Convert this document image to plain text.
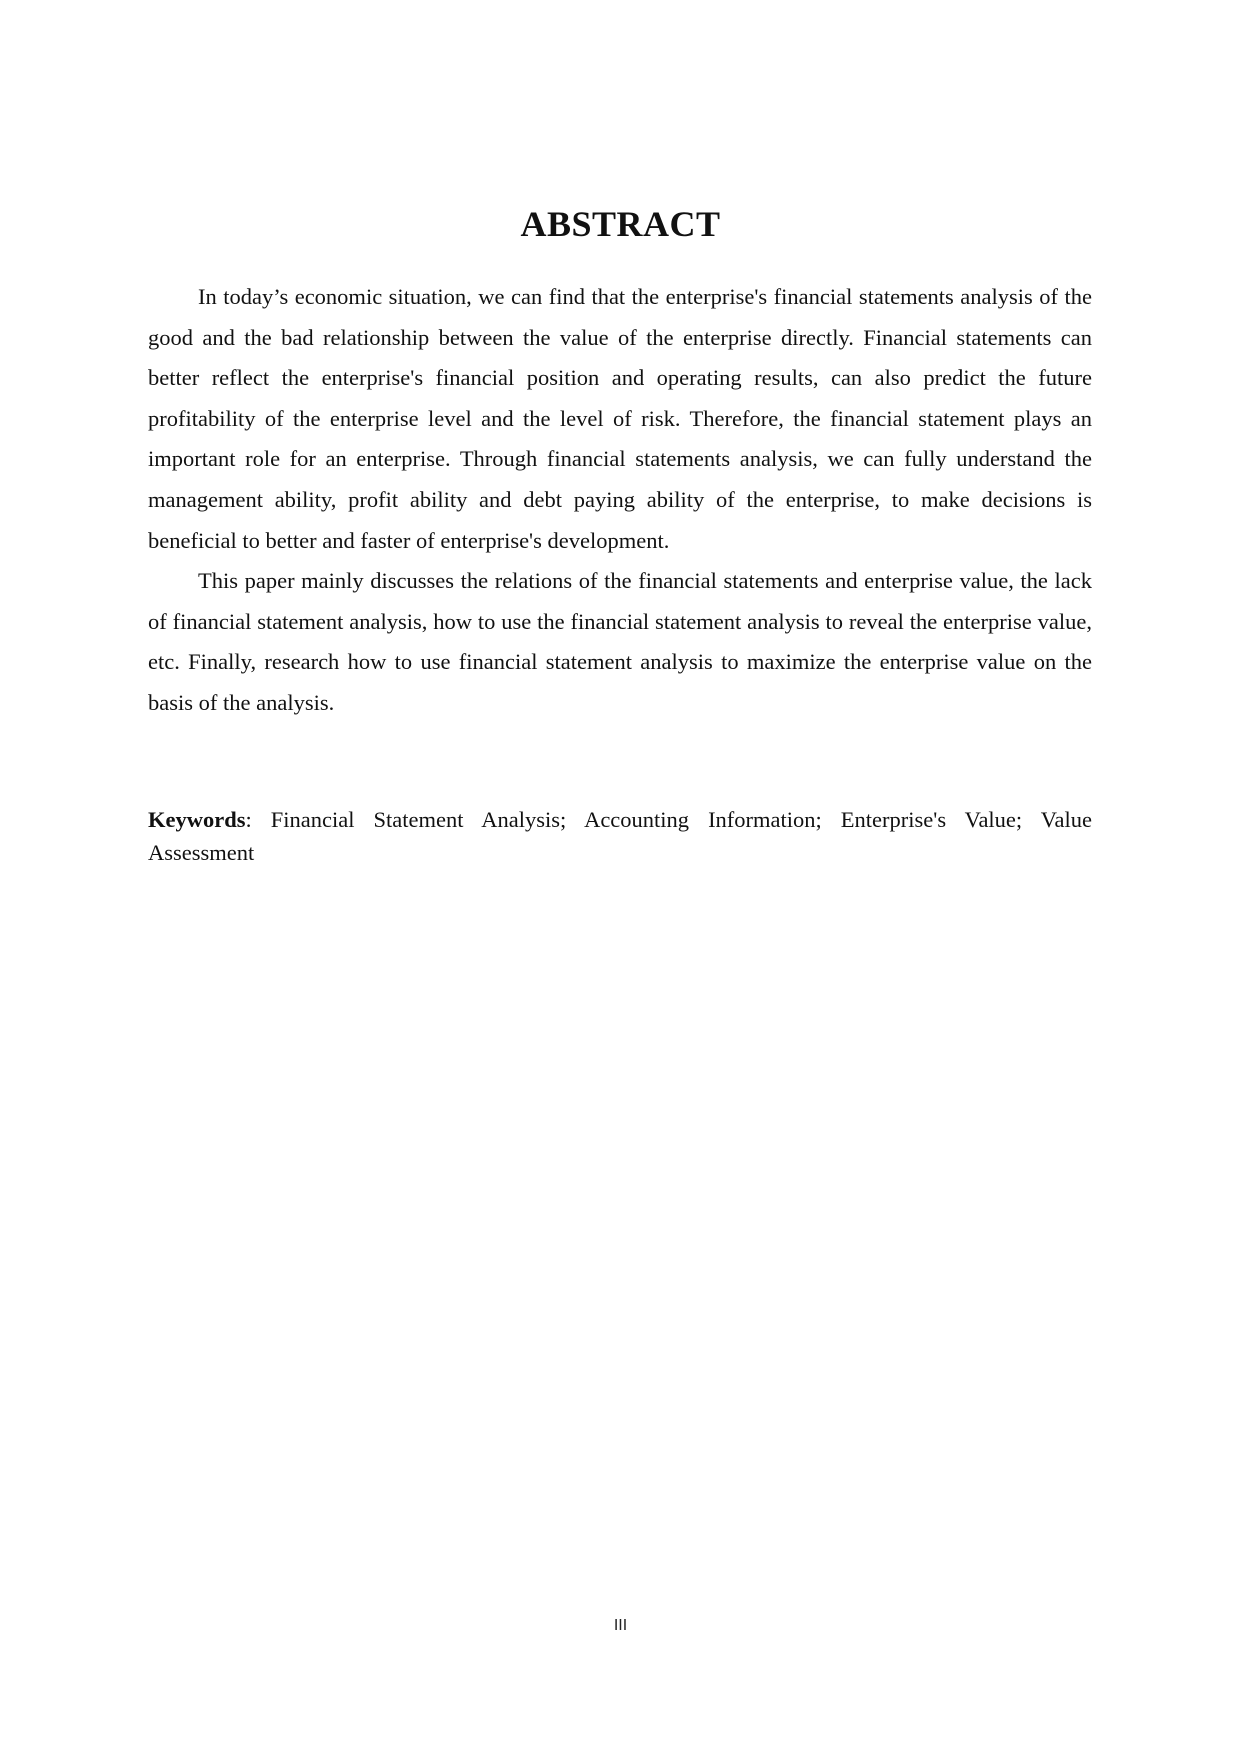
ABSTRACT

In today’s economic situation, we can find that the enterprise's financial statements analysis of the good and the bad relationship between the value of the enterprise directly. Financial statements can better reflect the enterprise's financial position and operating results, can also predict the future profitability of the enterprise level and the level of risk. Therefore, the financial statement plays an important role for an enterprise. Through financial statements analysis, we can fully understand the management ability, profit ability and debt paying ability of the enterprise, to make decisions is beneficial to better and faster of enterprise's development.

This paper mainly discusses the relations of the financial statements and enterprise value, the lack of financial statement analysis, how to use the financial statement analysis to reveal the enterprise value, etc. Finally, research how to use financial statement analysis to maximize the enterprise value on the basis of the analysis.

Keywords: Financial Statement Analysis; Accounting Information; Enterprise's Value; Value Assessment
III
